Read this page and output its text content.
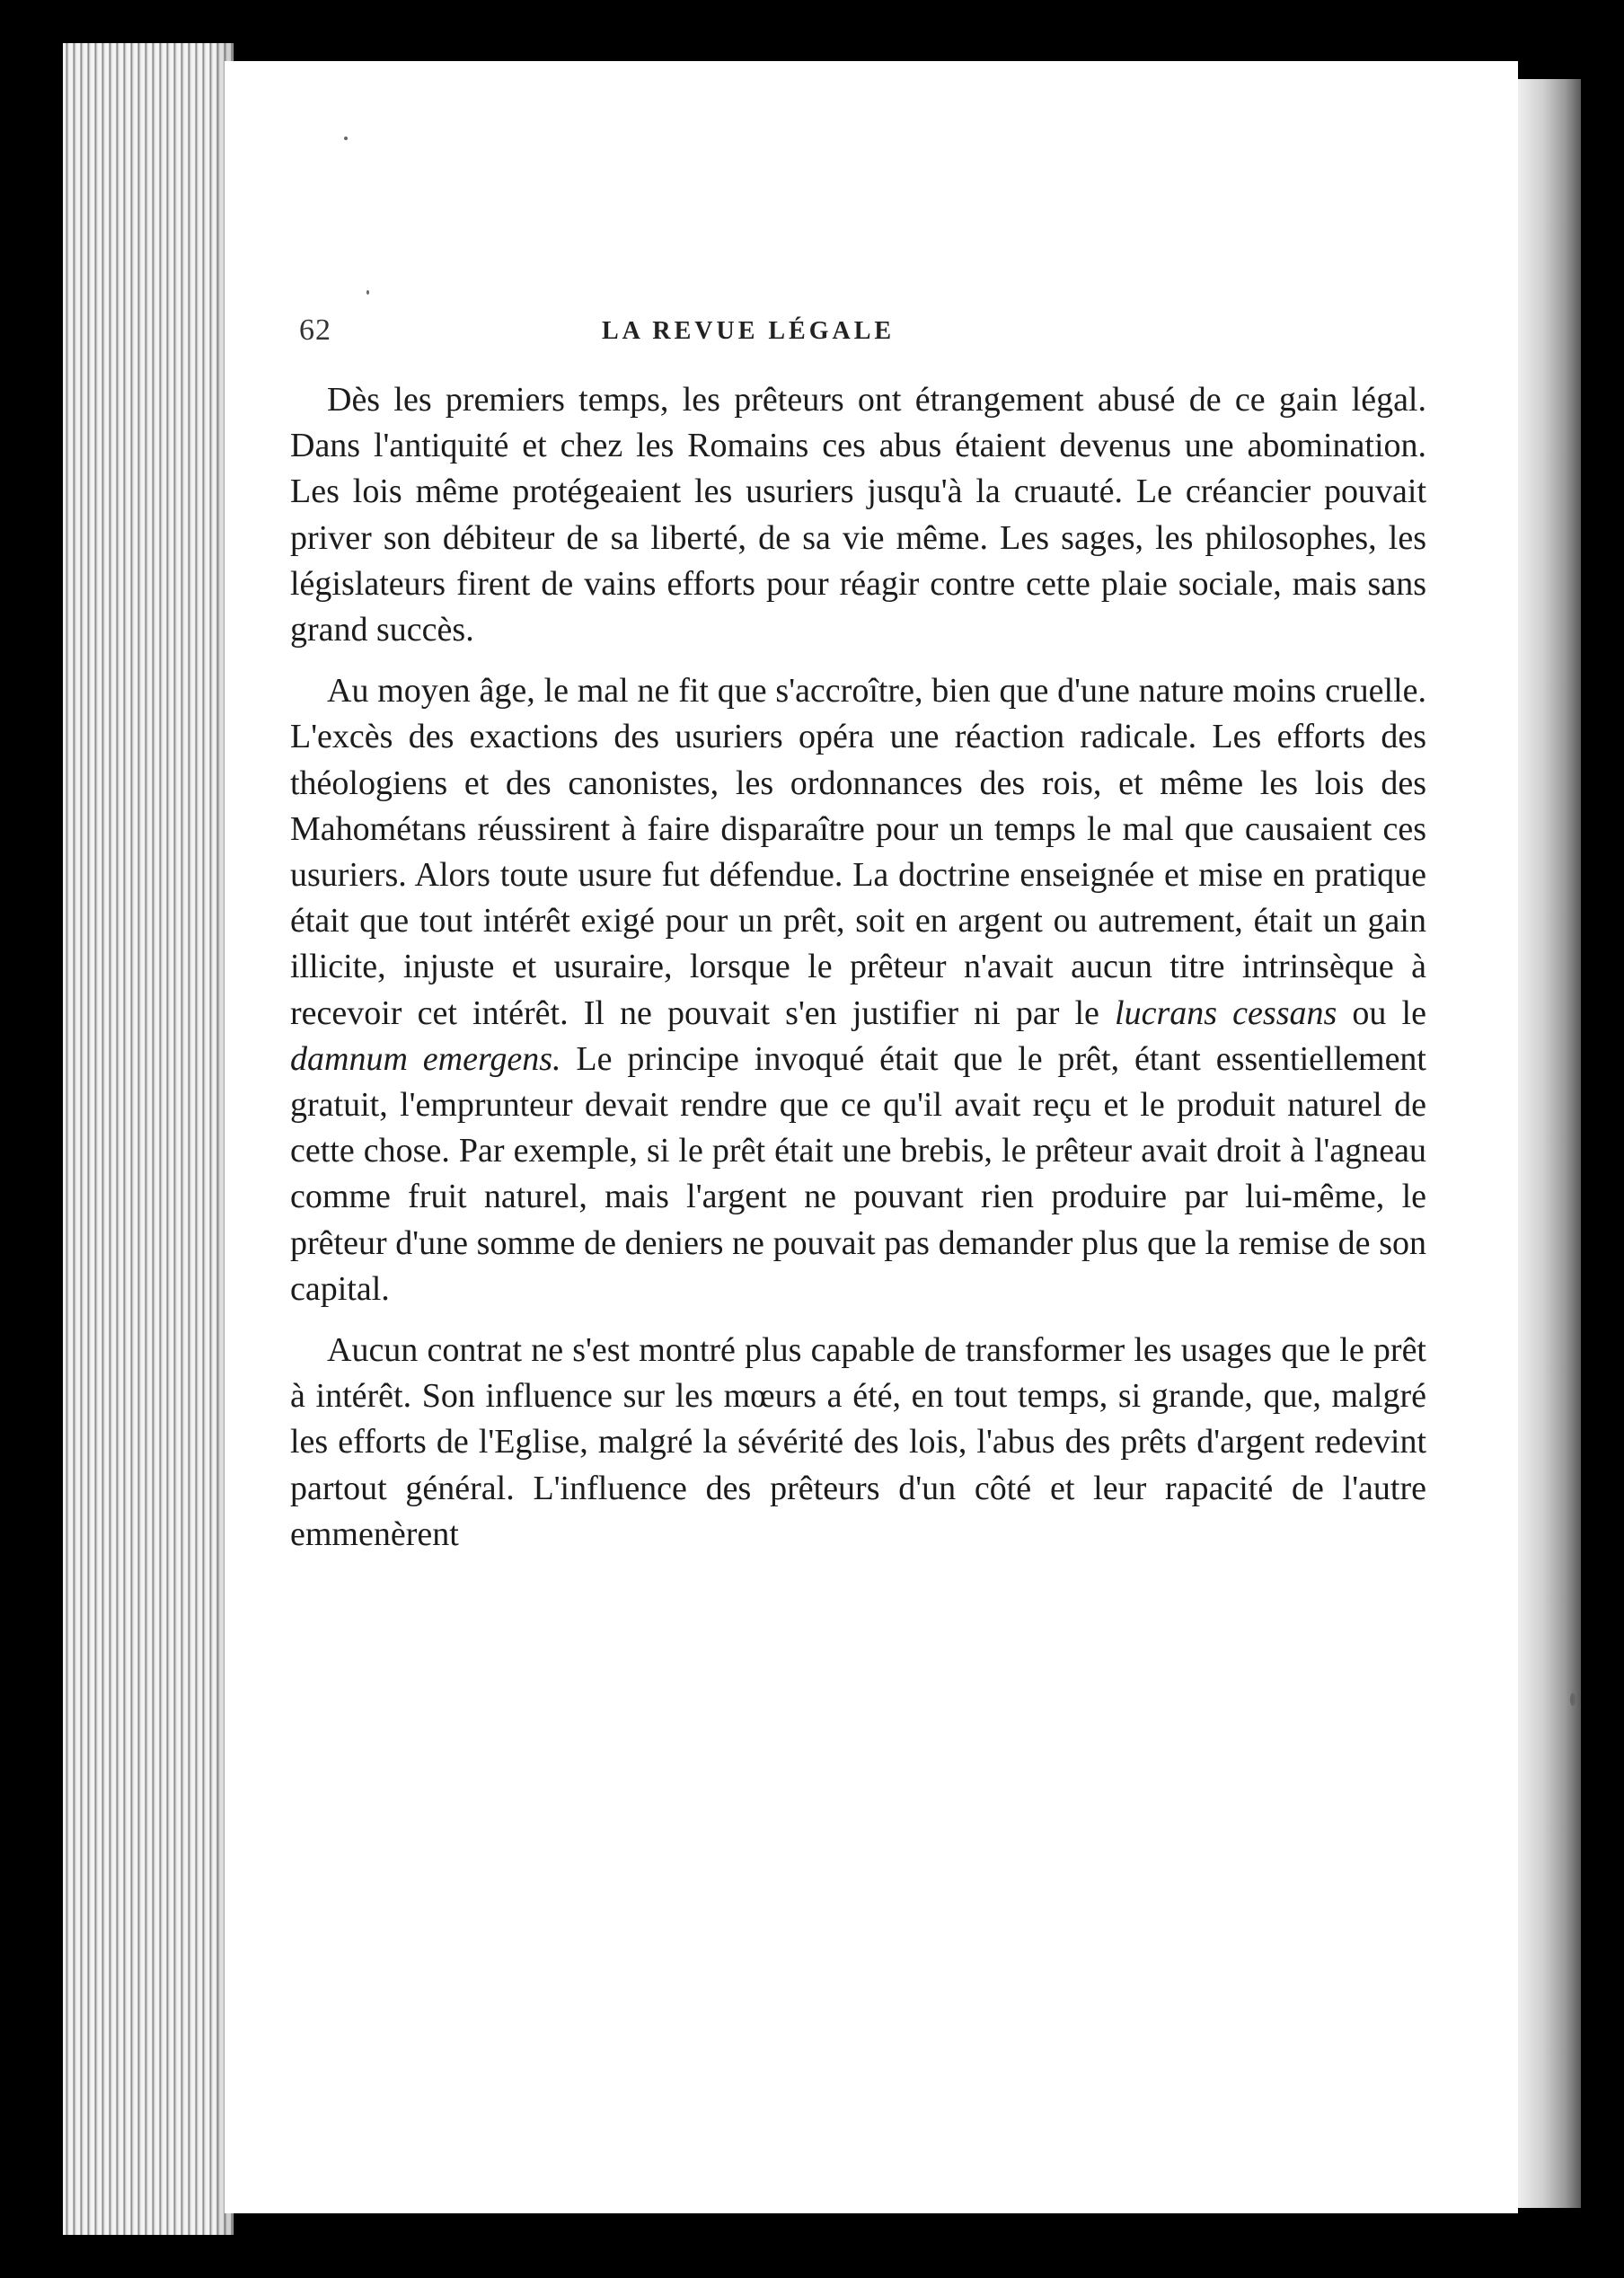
62	LA REVUE LÉGALE

Dès les premiers temps, les prêteurs ont étrangement abusé de ce gain légal. Dans l'antiquité et chez les Romains ces abus étaient devenus une abomination. Les lois même protégeaient les usuriers jusqu'à la cruauté. Le créancier pouvait priver son débiteur de sa liberté, de sa vie même. Les sages, les philosophes, les législateurs firent de vains efforts pour réagir contre cette plaie sociale, mais sans grand succès.

Au moyen âge, le mal ne fit que s'accroître, bien que d'une nature moins cruelle. L'excès des exactions des usuriers opéra une réaction radicale. Les efforts des théologiens et des canonistes, les ordonnances des rois, et même les lois des Mahométans réussirent à faire disparaître pour un temps le mal que causaient ces usuriers. Alors toute usure fut défendue. La doctrine enseignée et mise en pratique était que tout intérêt exigé pour un prêt, soit en argent ou autrement, était un gain illicite, injuste et usuraire, lorsque le prêteur n'avait aucun titre intrinsèque à recevoir cet intérêt. Il ne pouvait s'en justifier ni par le lucrans cessans ou le damnum emergens. Le principe invoqué était que le prêt, étant essentiellement gratuit, l'emprunteur devait rendre que ce qu'il avait reçu et le produit naturel de cette chose. Par exemple, si le prêt était une brebis, le prêteur avait droit à l'agneau comme fruit naturel, mais l'argent ne pouvant rien produire par lui-même, le prêteur d'une somme de deniers ne pouvait pas demander plus que la remise de son capital.

Aucun contrat ne s'est montré plus capable de transformer les usages que le prêt à intérêt. Son influence sur les mœurs a été, en tout temps, si grande, que, malgré les efforts de l'Eglise, malgré la sévérité des lois, l'abus des prêts d'argent redevint partout général. L'influence des prêteurs d'un côté et leur rapacité de l'autre emmenèrent
